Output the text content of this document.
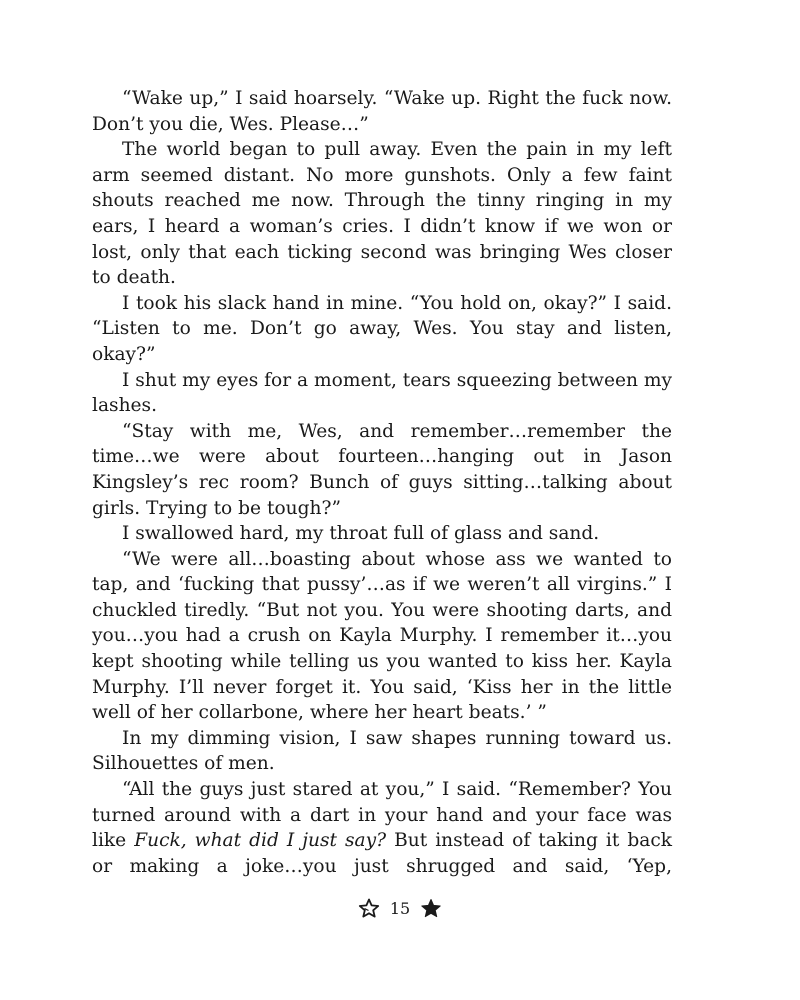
“Wake up,” I said hoarsely. “Wake up. Right the fuck now. Don’t you die, Wes. Please…”

The world began to pull away. Even the pain in my left arm seemed distant. No more gunshots. Only a few faint shouts reached me now. Through the tinny ringing in my ears, I heard a woman’s cries. I didn’t know if we won or lost, only that each ticking second was bringing Wes closer to death.

I took his slack hand in mine. “You hold on, okay?” I said. “Listen to me. Don’t go away, Wes. You stay and listen, okay?”

I shut my eyes for a moment, tears squeezing between my lashes.

“Stay with me, Wes, and remember…remember the time…we were about fourteen…hanging out in Jason Kingsley’s rec room? Bunch of guys sitting…talking about girls. Trying to be tough?”

I swallowed hard, my throat full of glass and sand.

“We were all…boasting about whose ass we wanted to tap, and ‘fucking that pussy’…as if we weren’t all virgins.” I chuckled tiredly. “But not you. You were shooting darts, and you…you had a crush on Kayla Murphy. I remember it…you kept shooting while telling us you wanted to kiss her. Kayla Murphy. I’ll never forget it. You said, ‘Kiss her in the little well of her collarbone, where her heart beats.’ ”

In my dimming vision, I saw shapes running toward us. Silhouettes of men.

“All the guys just stared at you,” I said. “Remember? You turned around with a dart in your hand and your face was like Fuck, what did I just say? But instead of taking it back or making a joke…you just shrugged and said, ‘Yep,

15
